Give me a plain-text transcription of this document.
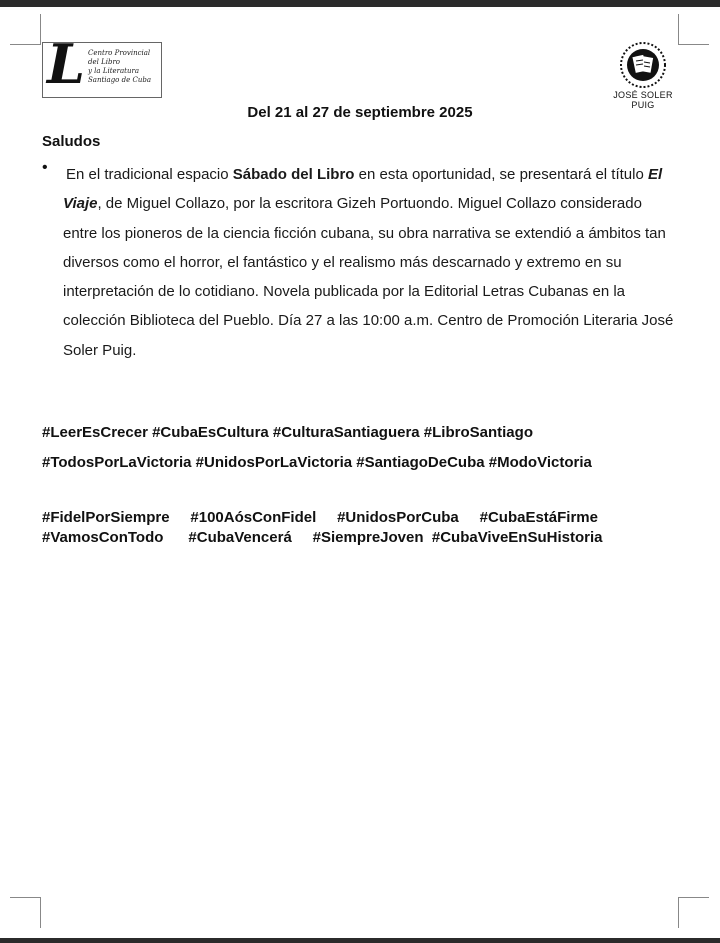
L Centro Provincial
del Libro
y la Literatura
Santiago de Cuba
JOSÉ SOLER PUIG
Del 21 al 27 de septiembre 2025
Saludos
• En el tradicional espacio Sábado del Libro en esta oportunidad, se presentará el título El Viaje, de Miguel Collazo, por la escritora Gizeh Portuondo. Miguel Collazo considerado entre los pioneros de la ciencia ficción cubana, su obra narrativa se extendió a ámbitos tan diversos como el horror, el fantástico y el realismo más descarnado y extremo en su interpretación de lo cotidiano. Novela publicada por la Editorial Letras Cubanas en la colección Biblioteca del Pueblo. Día 27 a las 10:00 a.m. Centro de Promoción Literaria José Soler Puig.
#LeerEsCrecer #CubaEsCultura #CulturaSantiaguera #LibroSantiago
#TodosPorLaVictoria #UnidosPorLaVictoria #SantiagoDeCuba #ModoVictoria
#FidelPorSiempre     #100AósConFidel     #UnidosPorCuba     #CubaEstáFirme
#VamosConTodo      #CubaVencerá     #SiempreJoven  #CubaViveEnSuHistoria
